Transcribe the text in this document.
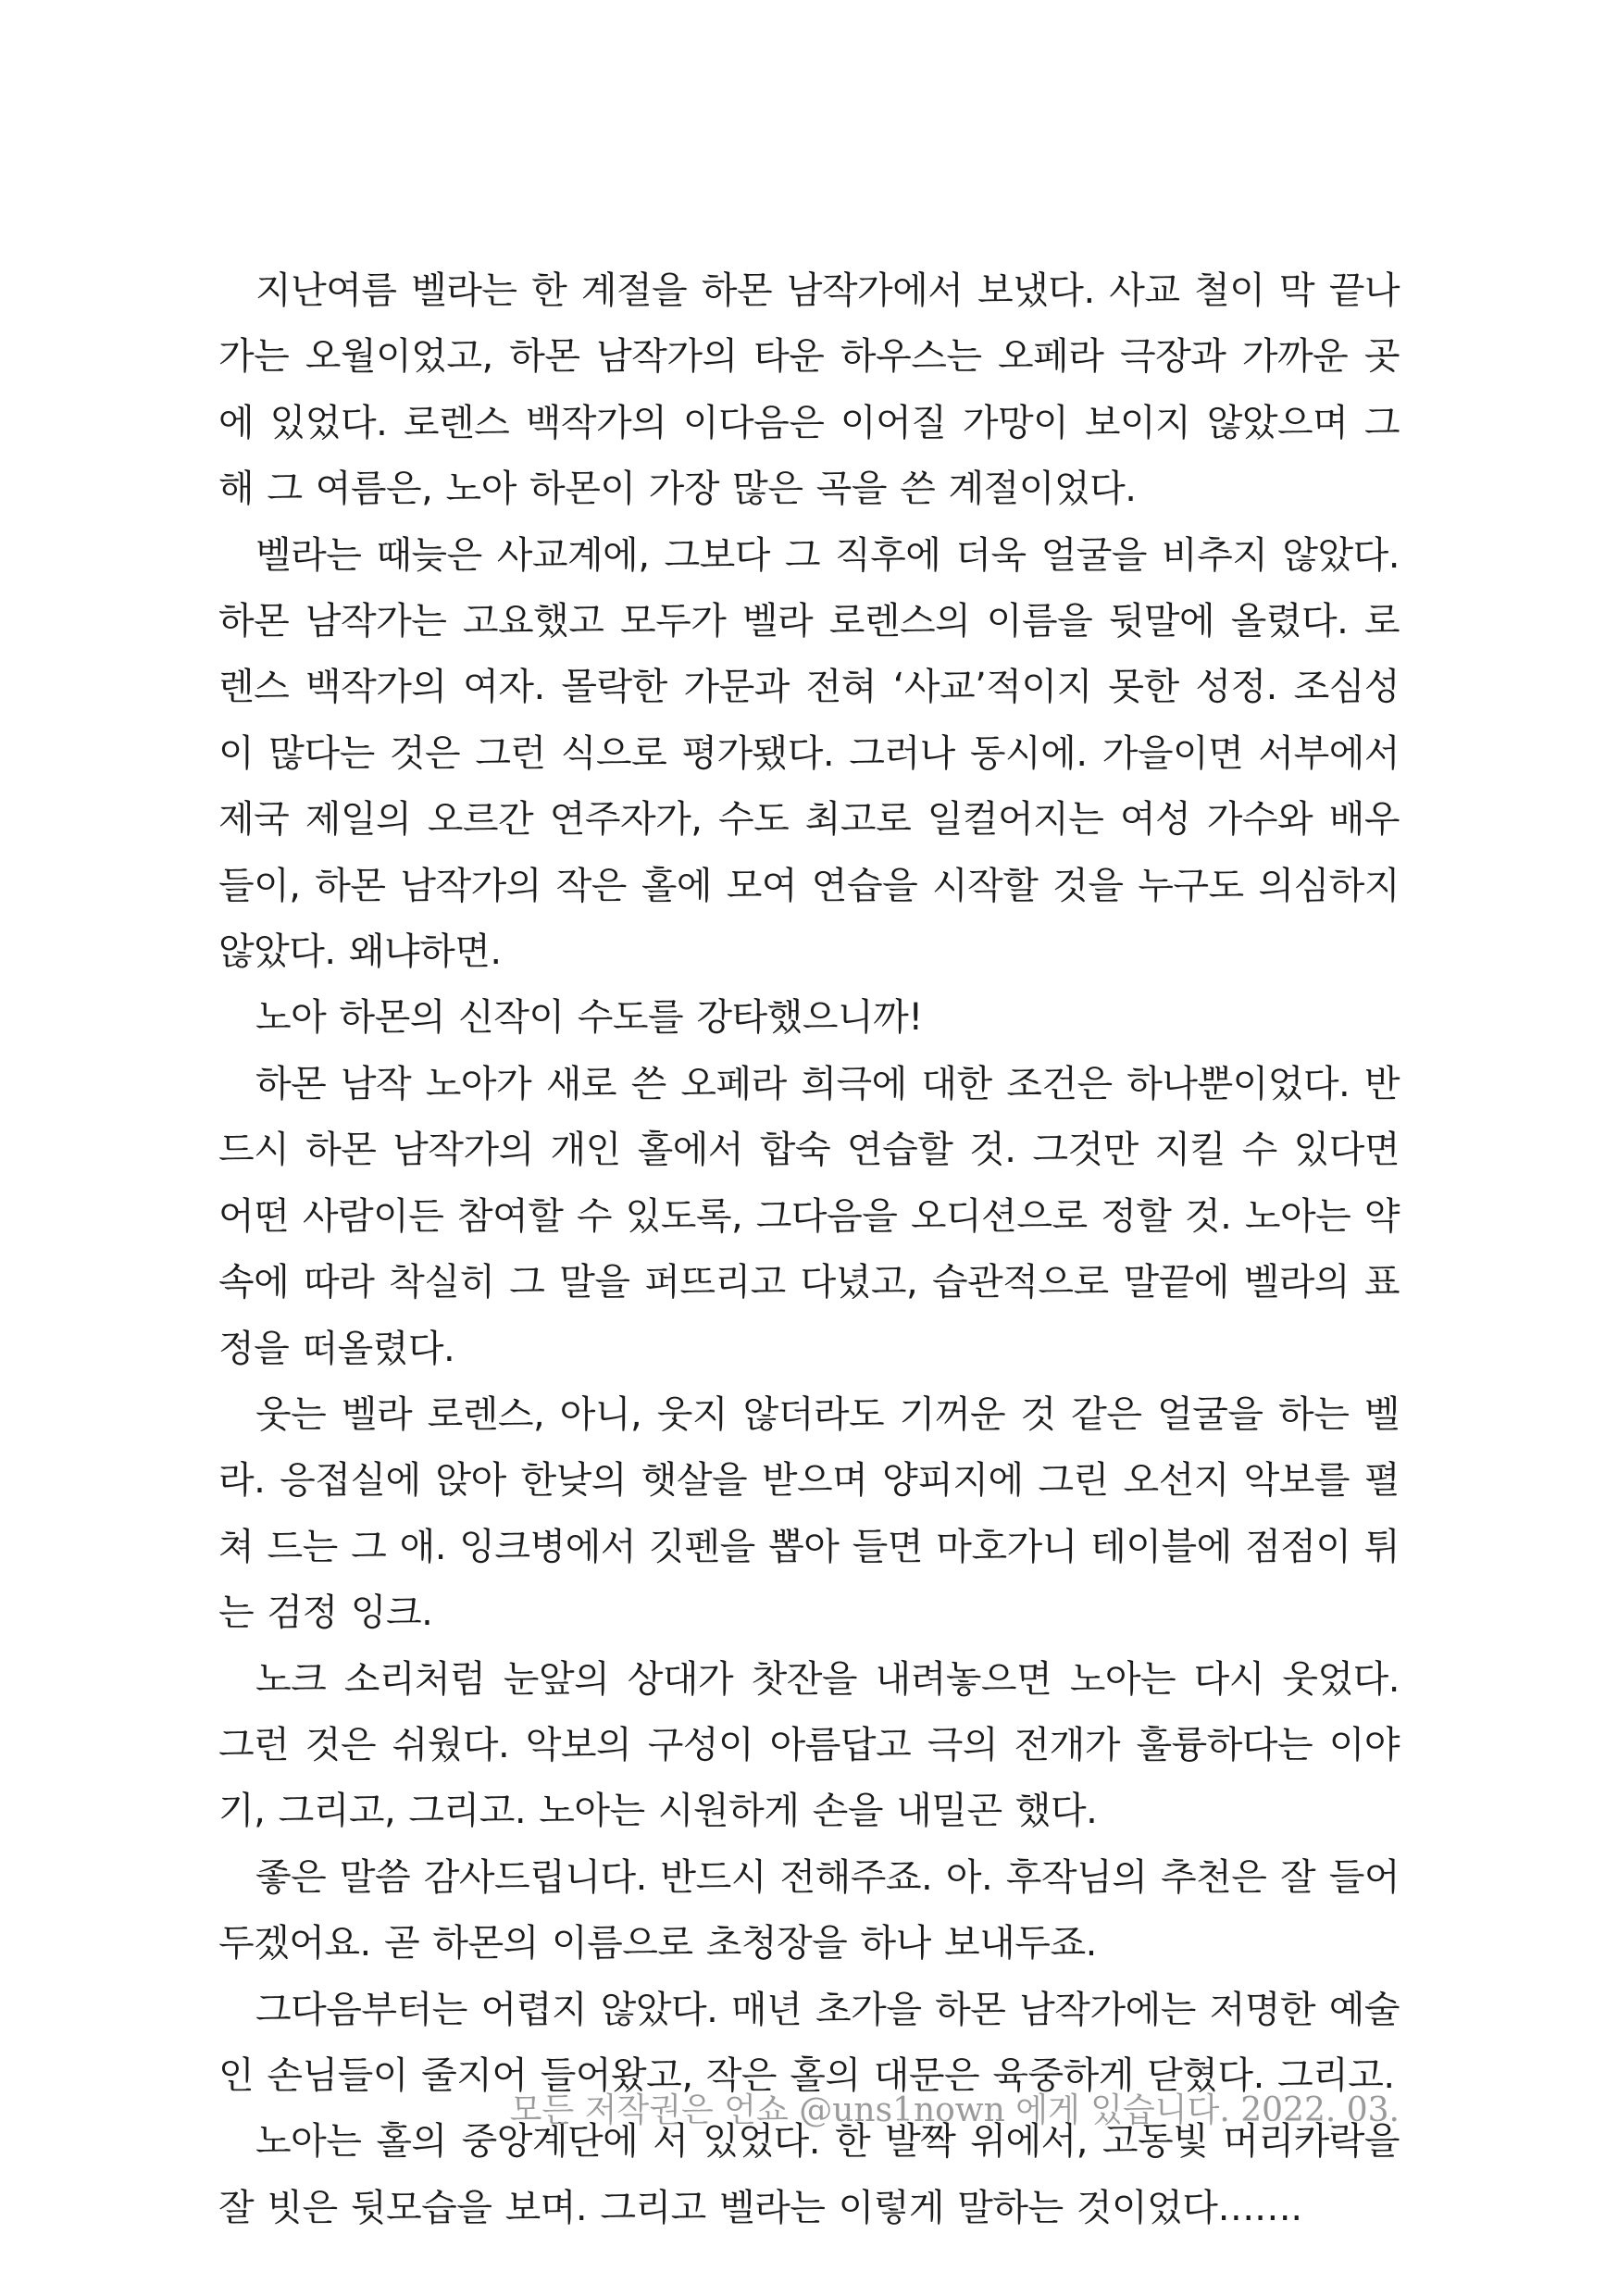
지난여름 벨라는 한 계절을 하몬 남작가에서 보냈다. 사교 철이 막 끝나가는 오월이었고, 하몬 남작가의 타운 하우스는 오페라 극장과 가까운 곳에 있었다. 로렌스 백작가의 이다음은 이어질 가망이 보이지 않았으며 그해 그 여름은, 노아 하몬이 가장 많은 곡을 쓴 계절이었다.

벨라는 때늦은 사교계에, 그보다 그 직후에 더욱 얼굴을 비추지 않았다. 하몬 남작가는 고요했고 모두가 벨라 로렌스의 이름을 뒷말에 올렸다. 로렌스 백작가의 여자. 몰락한 가문과 전혀 ‘사교’적이지 못한 성정. 조심성이 많다는 것은 그런 식으로 평가됐다. 그러나 동시에. 가을이면 서부에서 제국 제일의 오르간 연주자가, 수도 최고로 일컬어지는 여성 가수와 배우들이, 하몬 남작가의 작은 홀에 모여 연습을 시작할 것을 누구도 의심하지 않았다. 왜냐하면.

노아 하몬의 신작이 수도를 강타했으니까!

하몬 남작 노아가 새로 쓴 오페라 희극에 대한 조건은 하나뿐이었다. 반드시 하몬 남작가의 개인 홀에서 합숙 연습할 것. 그것만 지킬 수 있다면 어떤 사람이든 참여할 수 있도록, 그다음을 오디션으로 정할 것. 노아는 약속에 따라 착실히 그 말을 퍼뜨리고 다녔고, 습관적으로 말끝에 벨라의 표정을 떠올렸다.

웃는 벨라 로렌스, 아니, 웃지 않더라도 기꺼운 것 같은 얼굴을 하는 벨라. 응접실에 앉아 한낮의 햇살을 받으며 양피지에 그린 오선지 악보를 펼쳐 드는 그 애. 잉크병에서 깃펜을 뽑아 들면 마호가니 테이블에 점점이 튀는 검정 잉크.

노크 소리처럼 눈앞의 상대가 찻잔을 내려놓으면 노아는 다시 웃었다. 그런 것은 쉬웠다. 악보의 구성이 아름답고 극의 전개가 훌륭하다는 이야기, 그리고, 그리고. 노아는 시원하게 손을 내밀곤 했다.

좋은 말씀 감사드립니다. 반드시 전해주죠. 아. 후작님의 추천은 잘 들어 두겠어요. 곧 하몬의 이름으로 초청장을 하나 보내두죠.

그다음부터는 어렵지 않았다. 매년 초가을 하몬 남작가에는 저명한 예술인 손님들이 줄지어 들어왔고, 작은 홀의 대문은 육중하게 닫혔다. 그리고.

노아는 홀의 중앙계단에 서 있었다. 한 발짝 위에서, 고동빛 머리카락을 잘 빗은 뒷모습을 보며. 그리고 벨라는 이렇게 말하는 것이었다…….

모든 저작권은 언쇼 @uns1nown 에게 있습니다. 2022. 03.
